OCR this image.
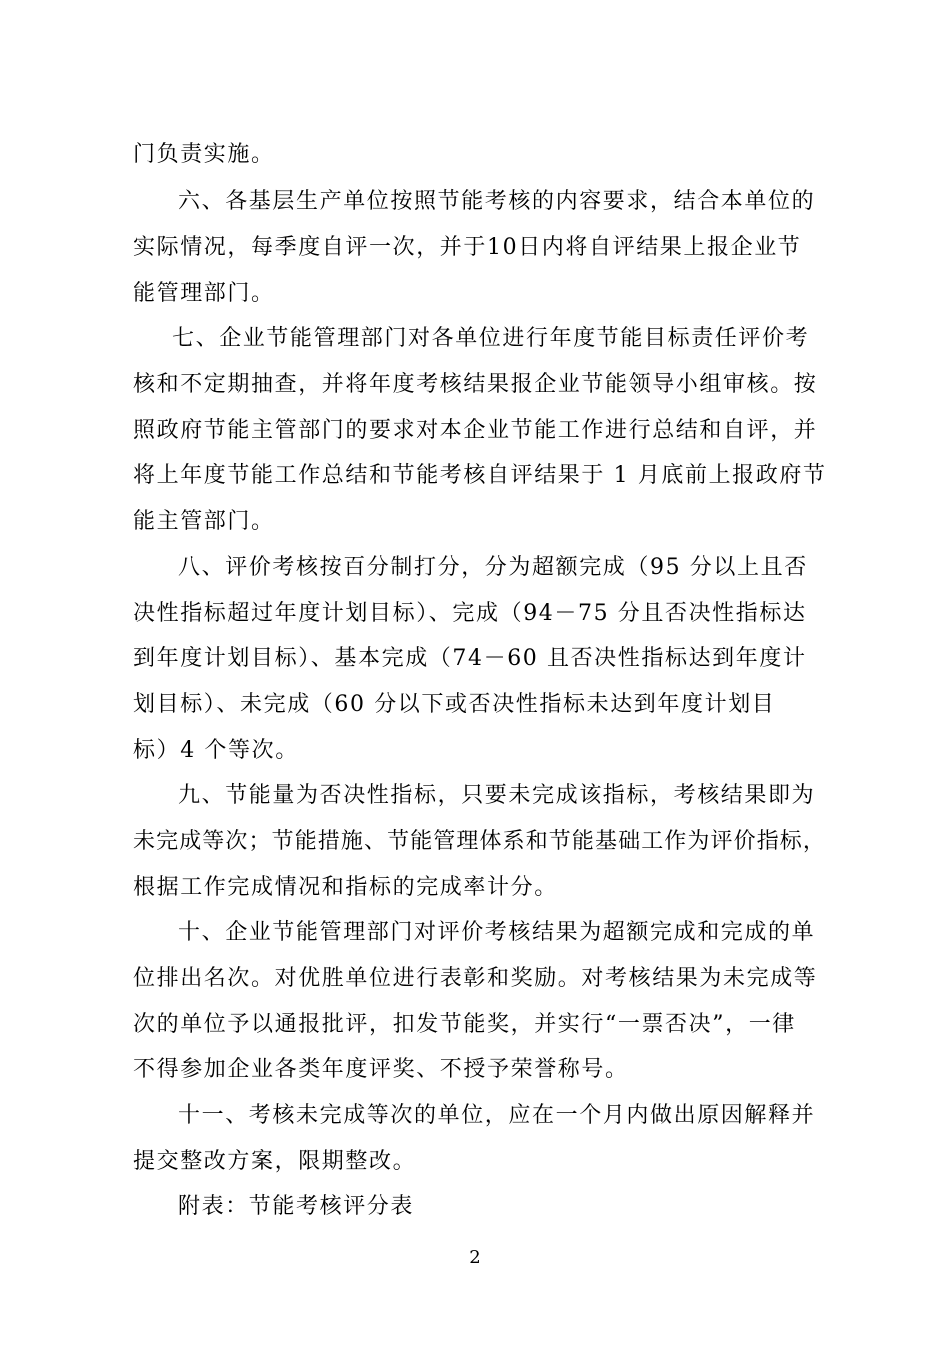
门负责实施。
六、各基层生产单位按照节能考核的内容要求，结合本单位的
实际情况，每季度自评一次，并于10日内将自评结果上报企业节
能管理部门。
七、企业节能管理部门对各单位进行年度节能目标责任评价考
核和不定期抽查，并将年度考核结果报企业节能领导小组审核。按
照政府节能主管部门的要求对本企业节能工作进行总结和自评，并
将上年度节能工作总结和节能考核自评结果于 1 月底前上报政府节
能主管部门。
八、评价考核按百分制打分，分为超额完成（95 分以上且否
决性指标超过年度计划目标）、完成（94－75 分且否决性指标达
到年度计划目标）、基本完成（74－60 且否决性指标达到年度计
划目标）、未完成（60 分以下或否决性指标未达到年度计划目
标）4 个等次。
九、节能量为否决性指标，只要未完成该指标，考核结果即为
未完成等次；节能措施、节能管理体系和节能基础工作为评价指标，
根据工作完成情况和指标的完成率计分。
十、企业节能管理部门对评价考核结果为超额完成和完成的单
位排出名次。对优胜单位进行表彰和奖励。对考核结果为未完成等
次的单位予以通报批评，扣发节能奖，并实行“一票否决”，一律
不得参加企业各类年度评奖、不授予荣誉称号。
十一、考核未完成等次的单位，应在一个月内做出原因解释并
提交整改方案，限期整改。
附表：节能考核评分表
2
